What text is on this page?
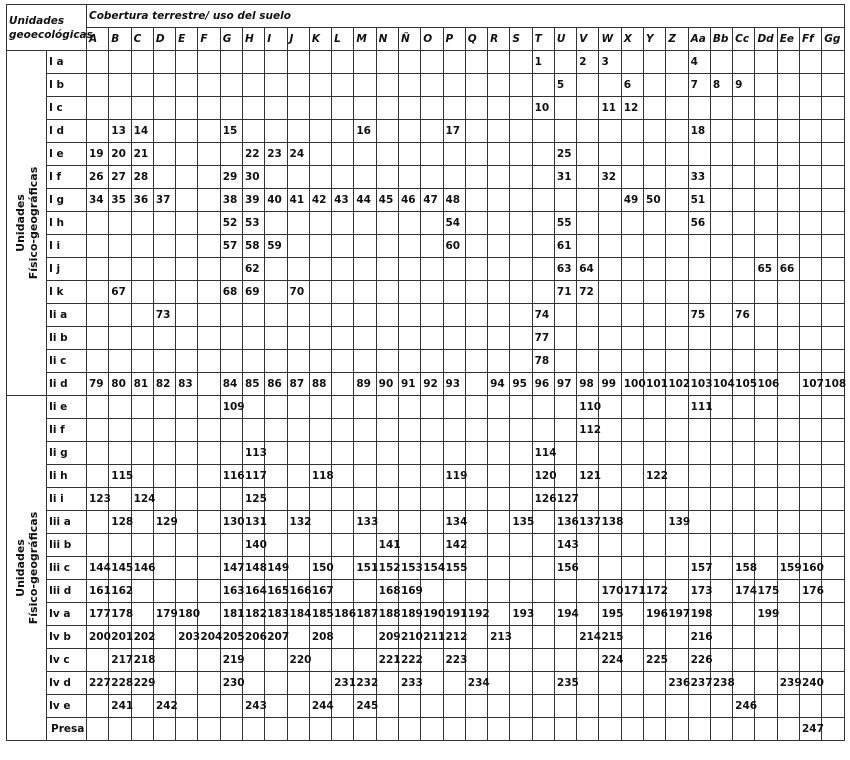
Unidades
geoecológicas		Cobertura terrestre/ uso del suelo																																	
		A	B	C	D	E	F	G	H	I	J	K	L	M	N	Ñ	O	P	Q	R	S	T	U	V	W	X	Y	Z	Aa	Bb	Cc	Dd	Ee	Ff	Gg

Unidades Físico-geográficas	I a																					1		2	3				4						
	I b																						5			6			7	8	9				
	I c																					10			11	12									
	I d		13	14				15						16				17											18						
	I e	19	20	21					22	23	24												25												
	I f	26	27	28				29	30														31		32				33						
	I g	34	35	36	37			38	39	40	41	42	43	44	45	46	47	48								49	50		51						
	I h							52	53									54					55						56						
	I i							57	58	59								60					61												
	I j								62														63	64								65	66		
	I k		67					68	69		70												71	72											
	Ii a				73																	74							75		76				
	Ii b																					77													
	Ii c																					78													
	Ii d	79	80	81	82	83		84	85	86	87	88		89	90	91	92	93		94	95	96	97	98	99	100	101	102	103	104	105	106		107	108

Unidades Físico-geográficas	Ii e							109																110					111						
	Ii f																							112											
	Ii g								113													114													
	Ii h		115					116	117			118						119				120		121			122								
	Ii i	123		124					125													126	127												
	Iii a		128		129			130	131		132			133				134			135		136	137	138			139							
	Iii b								140						141			142					143												
	Iii c	144	145	146				147	148	149		150		151	152	153	154	155					156						157		158		159	160	
	Iii d	161	162					163	164	165	166	167			168	169									170	171	172		173		174	175		176	
	Iv a	177	178		179	180		181	182	183	184	185	186	187	188	189	190	191	192		193		194		195		196	197	198			199			
	Iv b	200	201	202		203	204	205	206	207		208			209	210	211	212		213				214	215				216						
	Iv c		217	218				219			220				221	222		223							224		225		226						
	Iv d	227	228	229				230					231	232		233			234				235					236	237	238			239	240	
	Iv e		241		242				243			244		245																	246				
	Presa																																	247	
